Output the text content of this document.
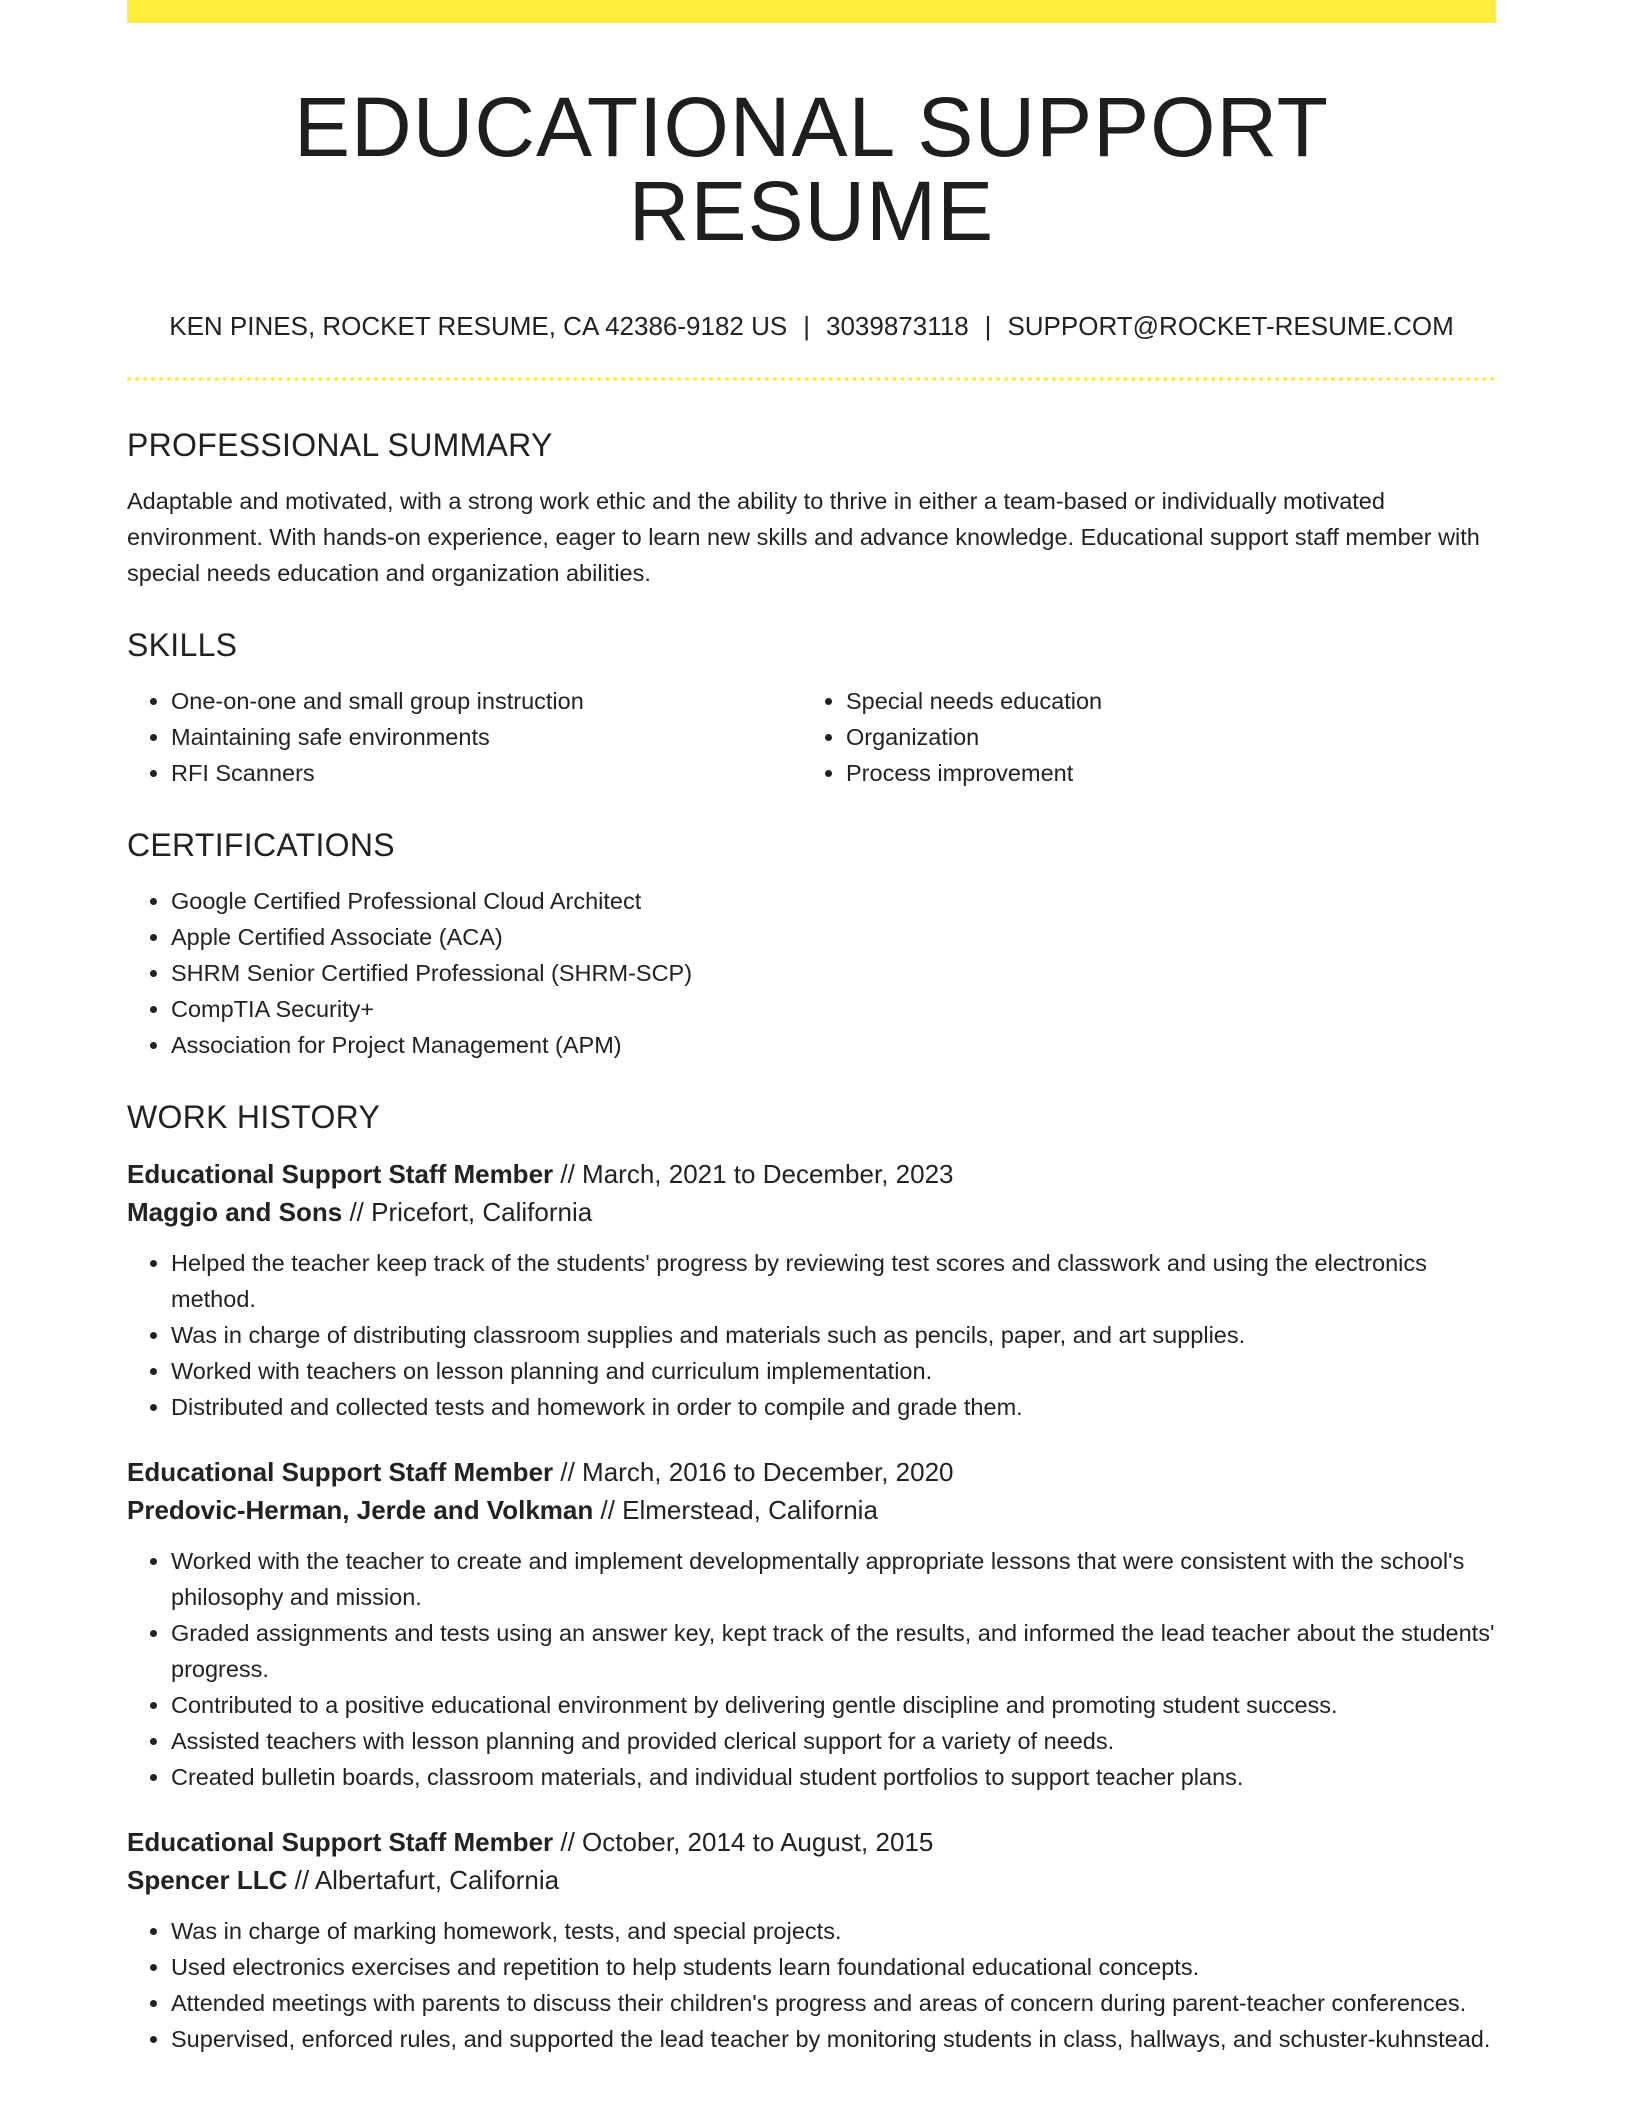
EDUCATIONAL SUPPORT RESUME
KEN PINES, ROCKET RESUME, CA 42386-9182 US | 3039873118 | SUPPORT@ROCKET-RESUME.COM
PROFESSIONAL SUMMARY

Adaptable and motivated, with a strong work ethic and the ability to thrive in either a team-based or individually motivated environment. With hands-on experience, eager to learn new skills and advance knowledge. Educational support staff member with special needs education and organization abilities.

SKILLS
• One-on-one and small group instruction
• Maintaining safe environments
• RFI Scanners
• Special needs education
• Organization
• Process improvement
CERTIFICATIONS
• Google Certified Professional Cloud Architect
• Apple Certified Associate (ACA)
• SHRM Senior Certified Professional (SHRM-SCP)
• CompTIA Security+
• Association for Project Management (APM)
WORK HISTORY
Educational Support Staff Member // March, 2021 to December, 2023
Maggio and Sons // Pricefort, California
• Helped the teacher keep track of the students' progress by reviewing test scores and classwork and using the electronics method.
• Was in charge of distributing classroom supplies and materials such as pencils, paper, and art supplies.
• Worked with teachers on lesson planning and curriculum implementation.
• Distributed and collected tests and homework in order to compile and grade them.
Educational Support Staff Member // March, 2016 to December, 2020
Predovic-Herman, Jerde and Volkman // Elmerstead, California
• Worked with the teacher to create and implement developmentally appropriate lessons that were consistent with the school's philosophy and mission.
• Graded assignments and tests using an answer key, kept track of the results, and informed the lead teacher about the students' progress.
• Contributed to a positive educational environment by delivering gentle discipline and promoting student success.
• Assisted teachers with lesson planning and provided clerical support for a variety of needs.
• Created bulletin boards, classroom materials, and individual student portfolios to support teacher plans.
Educational Support Staff Member // October, 2014 to August, 2015
Spencer LLC // Albertafurt, California
• Was in charge of marking homework, tests, and special projects.
• Used electronics exercises and repetition to help students learn foundational educational concepts.
• Attended meetings with parents to discuss their children's progress and areas of concern during parent-teacher conferences.
• Supervised, enforced rules, and supported the lead teacher by monitoring students in class, hallways, and schuster-kuhnstead.
